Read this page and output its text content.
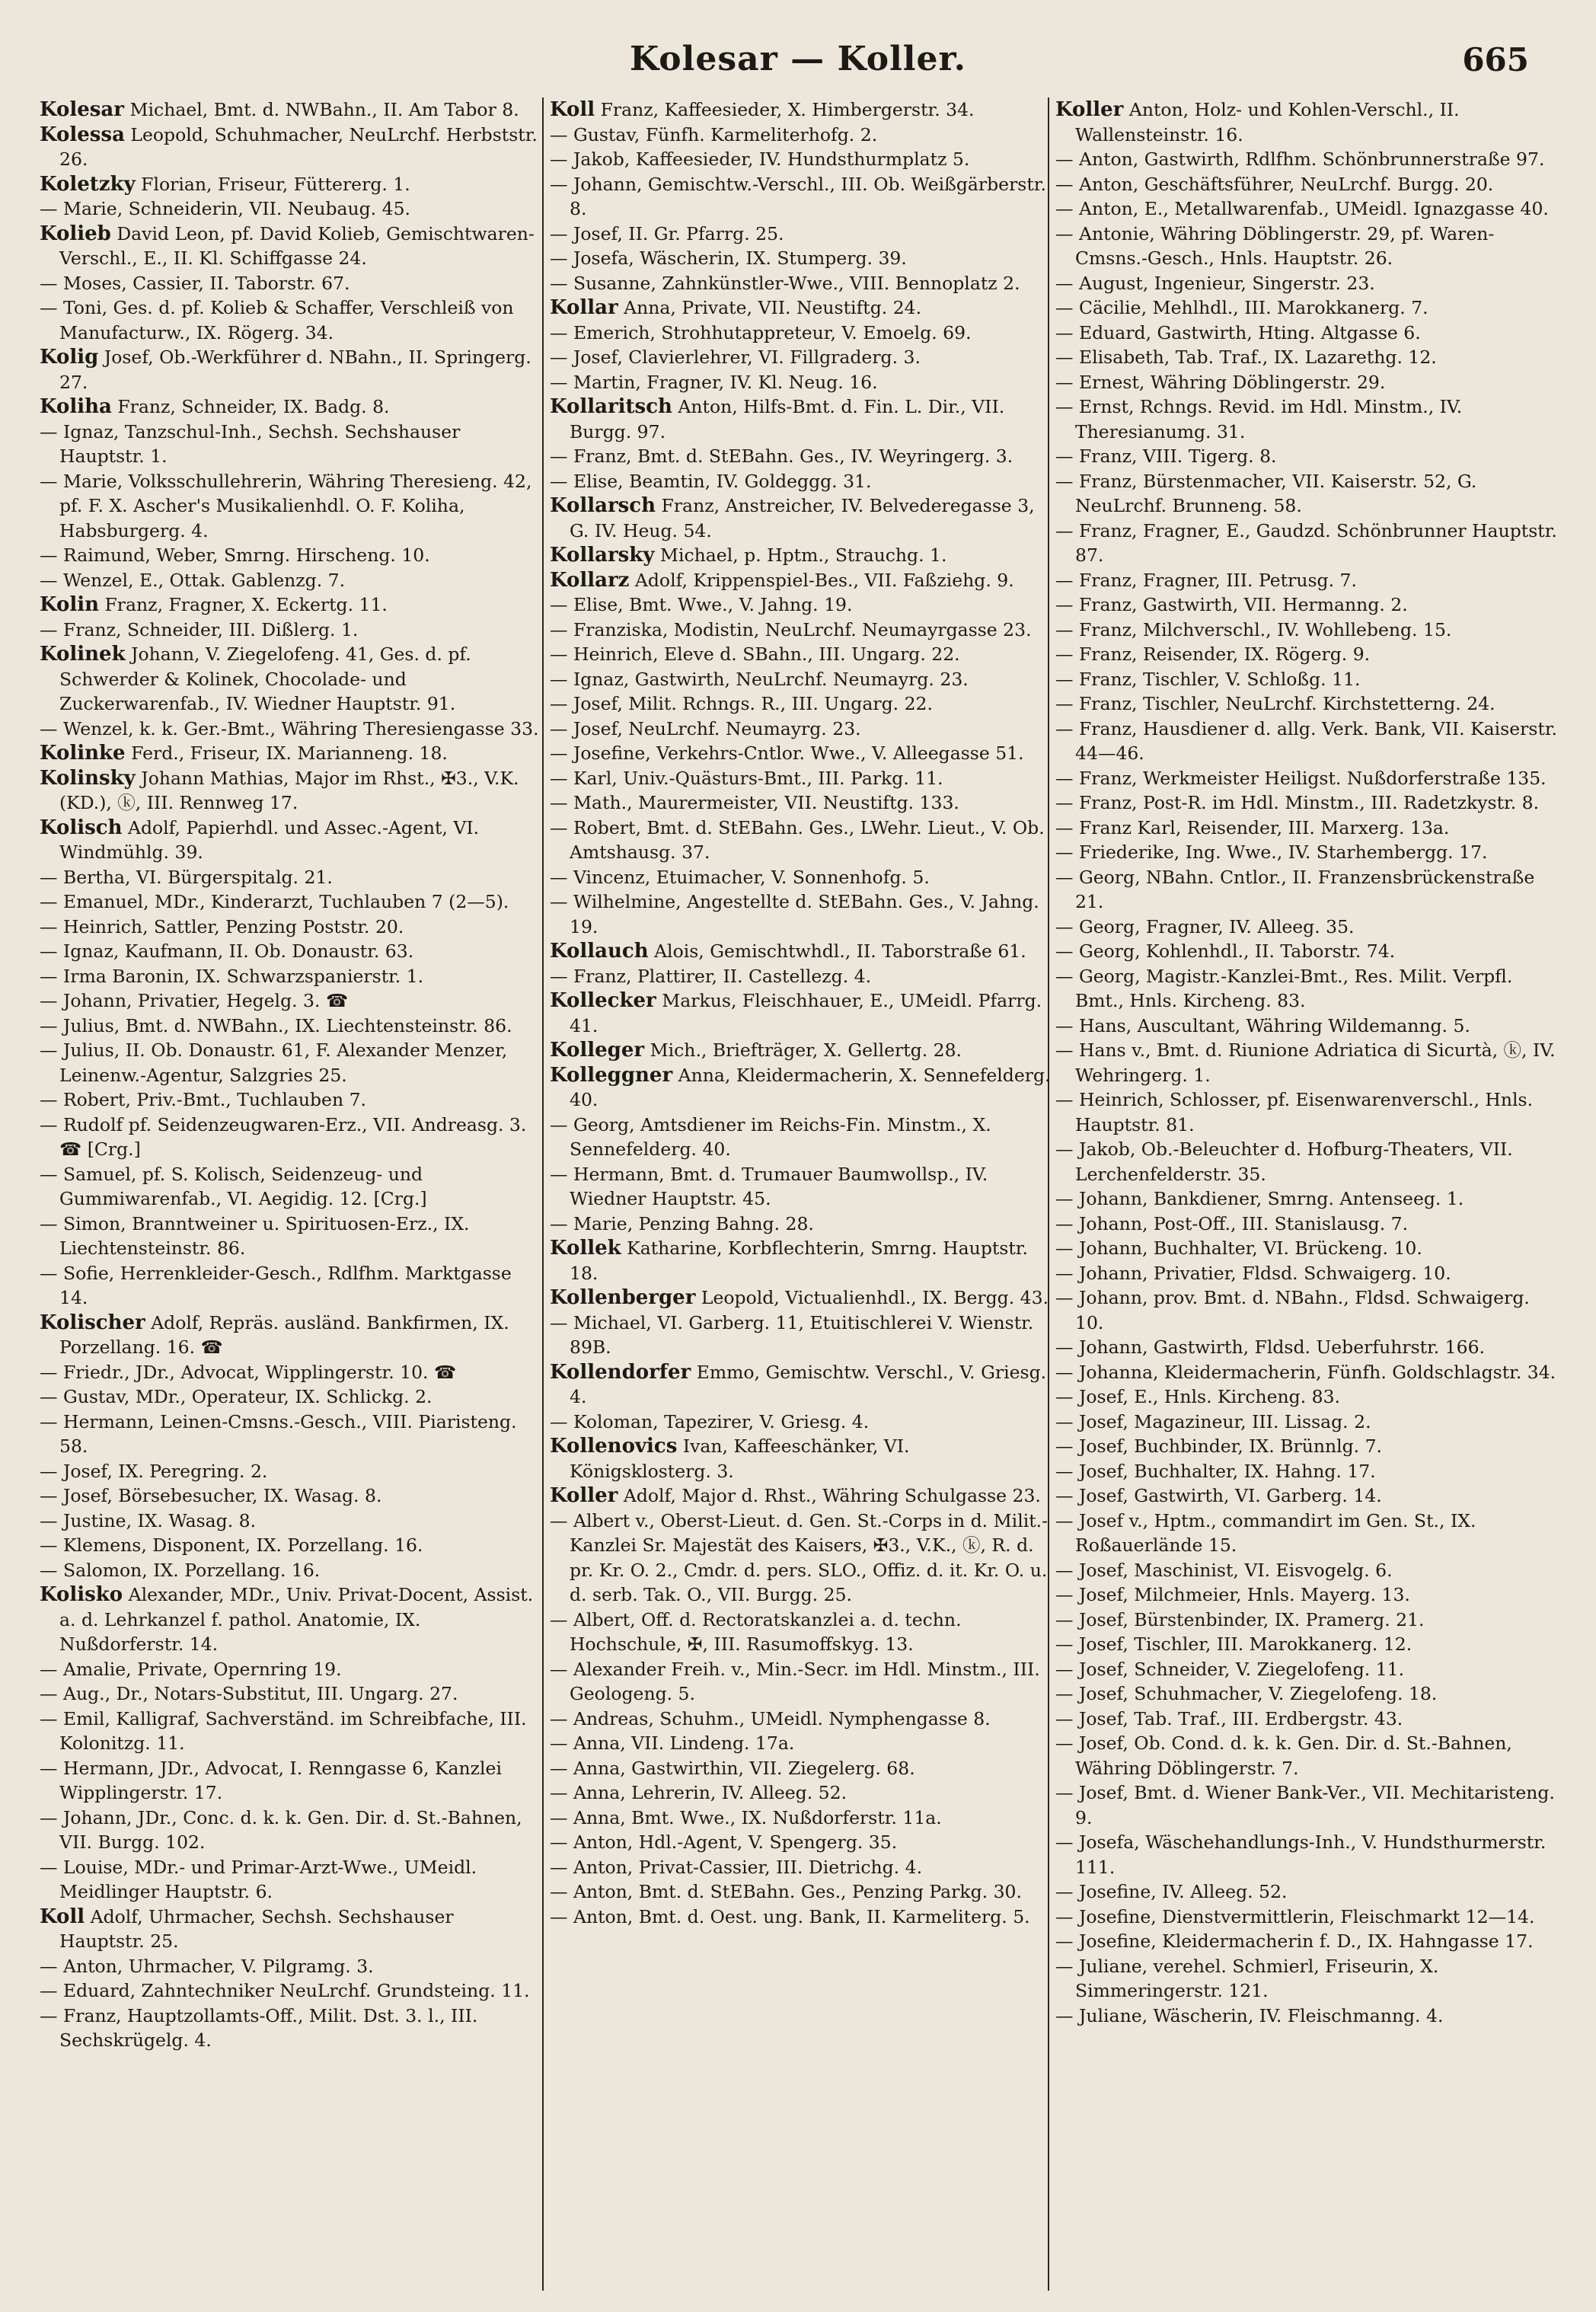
Kolesar — Koller.	665

Kolesar Michael, Bmt. d. NWBahn., II. Am Tabor 8.

Kolessa Leopold, Schuhmacher, NeuLrchf. Herbststr. 26.

Koletzky Florian, Friseur, Füttererg. 1.

— Marie, Schneiderin, VII. Neubaug. 45.

Kolieb David Leon, pf. David Kolieb, Gemischtwaren-Verschl., E., II. Kl. Schiffgasse 24.

— Moses, Cassier, II. Taborstr. 67.

— Toni, Ges. d. pf. Kolieb & Schaffer, Verschleiß von Manufacturw., IX. Rögerg. 34.

Kolig Josef, Ob.-Werkführer d. NBahn., II. Springerg. 27.

Koliha Franz, Schneider, IX. Badg. 8.

— Ignaz, Tanzschul-Inh., Sechsh. Sechshauser Hauptstr. 1.

— Marie, Volksschullehrerin, Währing Theresieng. 42, pf. F. X. Ascher's Musikalienhdl. O. F. Koliha, Habsburgerg. 4.

— Raimund, Weber, Smrng. Hirscheng. 10.

— Wenzel, E., Ottak. Gablenzg. 7.

Kolin Franz, Fragner, X. Eckertg. 11.

— Franz, Schneider, III. Dißlerg. 1.

Kolinek Johann, V. Ziegelofeng. 41, Ges. d. pf. Schwerder & Kolinek, Chocolade- und Zuckerwarenfab., IV. Wiedner Hauptstr. 91.

— Wenzel, k. k. Ger.-Bmt., Währing Theresiengasse 33.

Kolinke Ferd., Friseur, IX. Marianneng. 18.

Kolinsky Johann Mathias, Major im Rhst., ✠3., V.K. (KD.), ⓚ, III. Rennweg 17.

Kolisch Adolf, Papierhdl. und Assec.-Agent, VI. Windmühlg. 39.

— Bertha, VI. Bürgerspitalg. 21.

— Emanuel, MDr., Kinderarzt, Tuchlauben 7 (2—5).

— Heinrich, Sattler, Penzing Poststr. 20.

— Ignaz, Kaufmann, II. Ob. Donaustr. 63.

— Irma Baronin, IX. Schwarzspanierstr. 1.

— Johann, Privatier, Hegelg. 3. ☎

— Julius, Bmt. d. NWBahn., IX. Liechtensteinstr. 86.

— Julius, II. Ob. Donaustr. 61, F. Alexander Menzer, Leinenw.-Agentur, Salzgries 25.

— Robert, Priv.-Bmt., Tuchlauben 7.

— Rudolf pf. Seidenzeugwaren-Erz., VII. Andreasg. 3. ☎ [Crg.]

— Samuel, pf. S. Kolisch, Seidenzeug- und Gummiwarenfab., VI. Aegidig. 12. [Crg.]

— Simon, Branntweiner u. Spirituosen-Erz., IX. Liechtensteinstr. 86.

— Sofie, Herrenkleider-Gesch., Rdlfhm. Marktgasse 14.

Kolischer Adolf, Repräs. ausländ. Bankfirmen, IX. Porzellang. 16. ☎

— Friedr., JDr., Advocat, Wipplingerstr. 10. ☎

— Gustav, MDr., Operateur, IX. Schlickg. 2.

— Hermann, Leinen-Cmsns.-Gesch., VIII. Piaristeng. 58.

— Josef, IX. Peregring. 2.

— Josef, Börsebesucher, IX. Wasag. 8.

— Justine, IX. Wasag. 8.

— Klemens, Disponent, IX. Porzellang. 16.

— Salomon, IX. Porzellang. 16.

Kolisko Alexander, MDr., Univ. Privat-Docent, Assist. a. d. Lehrkanzel f. pathol. Anatomie, IX. Nußdorferstr. 14.

— Amalie, Private, Opernring 19.

— Aug., Dr., Notars-Substitut, III. Ungarg. 27.

— Emil, Kalligraf, Sachverständ. im Schreibfache, III. Kolonitzg. 11.

— Hermann, JDr., Advocat, I. Renngasse 6, Kanzlei Wipplingerstr. 17.

— Johann, JDr., Conc. d. k. k. Gen. Dir. d. St.-Bahnen, VII. Burgg. 102.

— Louise, MDr.- und Primar-Arzt-Wwe., UMeidl. Meidlinger Hauptstr. 6.

Koll Adolf, Uhrmacher, Sechsh. Sechshauser Hauptstr. 25.

— Anton, Uhrmacher, V. Pilgramg. 3.

— Eduard, Zahntechniker NeuLrchf. Grundsteing. 11.

— Franz, Hauptzollamts-Off., Milit. Dst. 3. l., III. Sechskrügelg. 4.

Koll Franz, Kaffeesieder, X. Himbergerstr. 34.

— Gustav, Fünfh. Karmeliterhofg. 2.

— Jakob, Kaffeesieder, IV. Hundsthurmplatz 5.

— Johann, Gemischtw.-Verschl., III. Ob. Weißgärberstr. 8.

— Josef, II. Gr. Pfarrg. 25.

— Josefa, Wäscherin, IX. Stumperg. 39.

— Susanne, Zahnkünstler-Wwe., VIII. Bennoplatz 2.

Kollar Anna, Private, VII. Neustiftg. 24.

— Emerich, Strohhutappreteur, V. Emoelg. 69.

— Josef, Clavierlehrer, VI. Fillgraderg. 3.

— Martin, Fragner, IV. Kl. Neug. 16.

Kollaritsch Anton, Hilfs-Bmt. d. Fin. L. Dir., VII. Burgg. 97.

— Franz, Bmt. d. StEBahn. Ges., IV. Weyringerg. 3.

— Elise, Beamtin, IV. Goldeggg. 31.

Kollarsch Franz, Anstreicher, IV. Belvederegasse 3, G. IV. Heug. 54.

Kollarsky Michael, p. Hptm., Strauchg. 1.

Kollarz Adolf, Krippenspiel-Bes., VII. Faßziehg. 9.

— Elise, Bmt. Wwe., V. Jahng. 19.

— Franziska, Modistin, NeuLrchf. Neumayrgasse 23.

— Heinrich, Eleve d. SBahn., III. Ungarg. 22.

— Ignaz, Gastwirth, NeuLrchf. Neumayrg. 23.

— Josef, Milit. Rchngs. R., III. Ungarg. 22.

— Josef, NeuLrchf. Neumayrg. 23.

— Josefine, Verkehrs-Cntlor. Wwe., V. Alleegasse 51.

— Karl, Univ.-Quästurs-Bmt., III. Parkg. 11.

— Math., Maurermeister, VII. Neustiftg. 133.

— Robert, Bmt. d. StEBahn. Ges., LWehr. Lieut., V. Ob. Amtshausg. 37.

— Vincenz, Etuimacher, V. Sonnenhofg. 5.

— Wilhelmine, Angestellte d. StEBahn. Ges., V. Jahng. 19.

Kollauch Alois, Gemischtwhdl., II. Taborstraße 61.

— Franz, Plattirer, II. Castellezg. 4.

Kollecker Markus, Fleischhauer, E., UMeidl. Pfarrg. 41.

Kolleger Mich., Briefträger, X. Gellertg. 28.

Kolleggner Anna, Kleidermacherin, X. Sennefelderg. 40.

— Georg, Amtsdiener im Reichs-Fin. Minstm., X. Sennefelderg. 40.

— Hermann, Bmt. d. Trumauer Baumwollsp., IV. Wiedner Hauptstr. 45.

— Marie, Penzing Bahng. 28.

Kollek Katharine, Korbflechterin, Smrng. Hauptstr. 18.

Kollenberger Leopold, Victualienhdl., IX. Bergg. 43.

— Michael, VI. Garberg. 11, Etuitischlerei V. Wienstr. 89B.

Kollendorfer Emmo, Gemischtw. Verschl., V. Griesg. 4.

— Koloman, Tapezirer, V. Griesg. 4.

Kollenovics Ivan, Kaffeeschänker, VI. Königsklosterg. 3.

Koller Adolf, Major d. Rhst., Währing Schulgasse 23.

— Albert v., Oberst-Lieut. d. Gen. St.-Corps in d. Milit.-Kanzlei Sr. Majestät des Kaisers, ✠3., V.K., ⓚ, R. d. pr. Kr. O. 2., Cmdr. d. pers. SLO., Offiz. d. it. Kr. O. u. d. serb. Tak. O., VII. Burgg. 25.

— Albert, Off. d. Rectoratskanzlei a. d. techn. Hochschule, ✠, III. Rasumoffskyg. 13.

— Alexander Freih. v., Min.-Secr. im Hdl. Minstm., III. Geologeng. 5.

— Andreas, Schuhm., UMeidl. Nymphengasse 8.

— Anna, VII. Lindeng. 17a.

— Anna, Gastwirthin, VII. Ziegelerg. 68.

— Anna, Lehrerin, IV. Alleeg. 52.

— Anna, Bmt. Wwe., IX. Nußdorferstr. 11a.

— Anton, Hdl.-Agent, V. Spengerg. 35.

— Anton, Privat-Cassier, III. Dietrichg. 4.

— Anton, Bmt. d. StEBahn. Ges., Penzing Parkg. 30.

— Anton, Bmt. d. Oest. ung. Bank, II. Karmeliterg. 5.

Koller Anton, Holz- und Kohlen-Verschl., II. Wallensteinstr. 16.

— Anton, Gastwirth, Rdlfhm. Schönbrunnerstraße 97.

— Anton, Geschäftsführer, NeuLrchf. Burgg. 20.

— Anton, E., Metallwarenfab., UMeidl. Ignazgasse 40.

— Antonie, Währing Döblingerstr. 29, pf. Waren-Cmsns.-Gesch., Hnls. Hauptstr. 26.

— August, Ingenieur, Singerstr. 23.

— Cäcilie, Mehlhdl., III. Marokkanerg. 7.

— Eduard, Gastwirth, Hting. Altgasse 6.

— Elisabeth, Tab. Traf., IX. Lazarethg. 12.

— Ernest, Währing Döblingerstr. 29.

— Ernst, Rchngs. Revid. im Hdl. Minstm., IV. Theresianumg. 31.

— Franz, VIII. Tigerg. 8.

— Franz, Bürstenmacher, VII. Kaiserstr. 52, G. NeuLrchf. Brunneng. 58.

— Franz, Fragner, E., Gaudzd. Schönbrunner Hauptstr. 87.

— Franz, Fragner, III. Petrusg. 7.

— Franz, Gastwirth, VII. Hermanng. 2.

— Franz, Milchverschl., IV. Wohllebeng. 15.

— Franz, Reisender, IX. Rögerg. 9.

— Franz, Tischler, V. Schloßg. 11.

— Franz, Tischler, NeuLrchf. Kirchstetterng. 24.

— Franz, Hausdiener d. allg. Verk. Bank, VII. Kaiserstr. 44—46.

— Franz, Werkmeister Heiligst. Nußdorferstraße 135.

— Franz, Post-R. im Hdl. Minstm., III. Radetzkystr. 8.

— Franz Karl, Reisender, III. Marxerg. 13a.

— Friederike, Ing. Wwe., IV. Starhembergg. 17.

— Georg, NBahn. Cntlor., II. Franzensbrückenstraße 21.

— Georg, Fragner, IV. Alleeg. 35.

— Georg, Kohlenhdl., II. Taborstr. 74.

— Georg, Magistr.-Kanzlei-Bmt., Res. Milit. Verpfl. Bmt., Hnls. Kircheng. 83.

— Hans, Auscultant, Währing Wildemanng. 5.

— Hans v., Bmt. d. Riunione Adriatica di Sicurtà, ⓚ, IV. Wehringerg. 1.

— Heinrich, Schlosser, pf. Eisenwarenverschl., Hnls. Hauptstr. 81.

— Jakob, Ob.-Beleuchter d. Hofburg-Theaters, VII. Lerchenfelderstr. 35.

— Johann, Bankdiener, Smrng. Antenseeg. 1.

— Johann, Post-Off., III. Stanislausg. 7.

— Johann, Buchhalter, VI. Brückeng. 10.

— Johann, Privatier, Fldsd. Schwaigerg. 10.

— Johann, prov. Bmt. d. NBahn., Fldsd. Schwaigerg. 10.

— Johann, Gastwirth, Fldsd. Ueberfuhrstr. 166.

— Johanna, Kleidermacherin, Fünfh. Goldschlagstr. 34.

— Josef, E., Hnls. Kircheng. 83.

— Josef, Magazineur, III. Lissag. 2.

— Josef, Buchbinder, IX. Brünnlg. 7.

— Josef, Buchhalter, IX. Hahng. 17.

— Josef, Gastwirth, VI. Garberg. 14.

— Josef v., Hptm., commandirt im Gen. St., IX. Roßauerlände 15.

— Josef, Maschinist, VI. Eisvogelg. 6.

— Josef, Milchmeier, Hnls. Mayerg. 13.

— Josef, Bürstenbinder, IX. Pramerg. 21.

— Josef, Tischler, III. Marokkanerg. 12.

— Josef, Schneider, V. Ziegelofeng. 11.

— Josef, Schuhmacher, V. Ziegelofeng. 18.

— Josef, Tab. Traf., III. Erdbergstr. 43.

— Josef, Ob. Cond. d. k. k. Gen. Dir. d. St.-Bahnen, Währing Döblingerstr. 7.

— Josef, Bmt. d. Wiener Bank-Ver., VII. Mechitaristeng. 9.

— Josefa, Wäschehandlungs-Inh., V. Hundsthurmerstr. 111.

— Josefine, IV. Alleeg. 52.

— Josefine, Dienstvermittlerin, Fleischmarkt 12—14.

— Josefine, Kleidermacherin f. D., IX. Hahngasse 17.

— Juliane, verehel. Schmierl, Friseurin, X. Simmeringerstr. 121.

— Juliane, Wäscherin, IV. Fleischmanng. 4.
